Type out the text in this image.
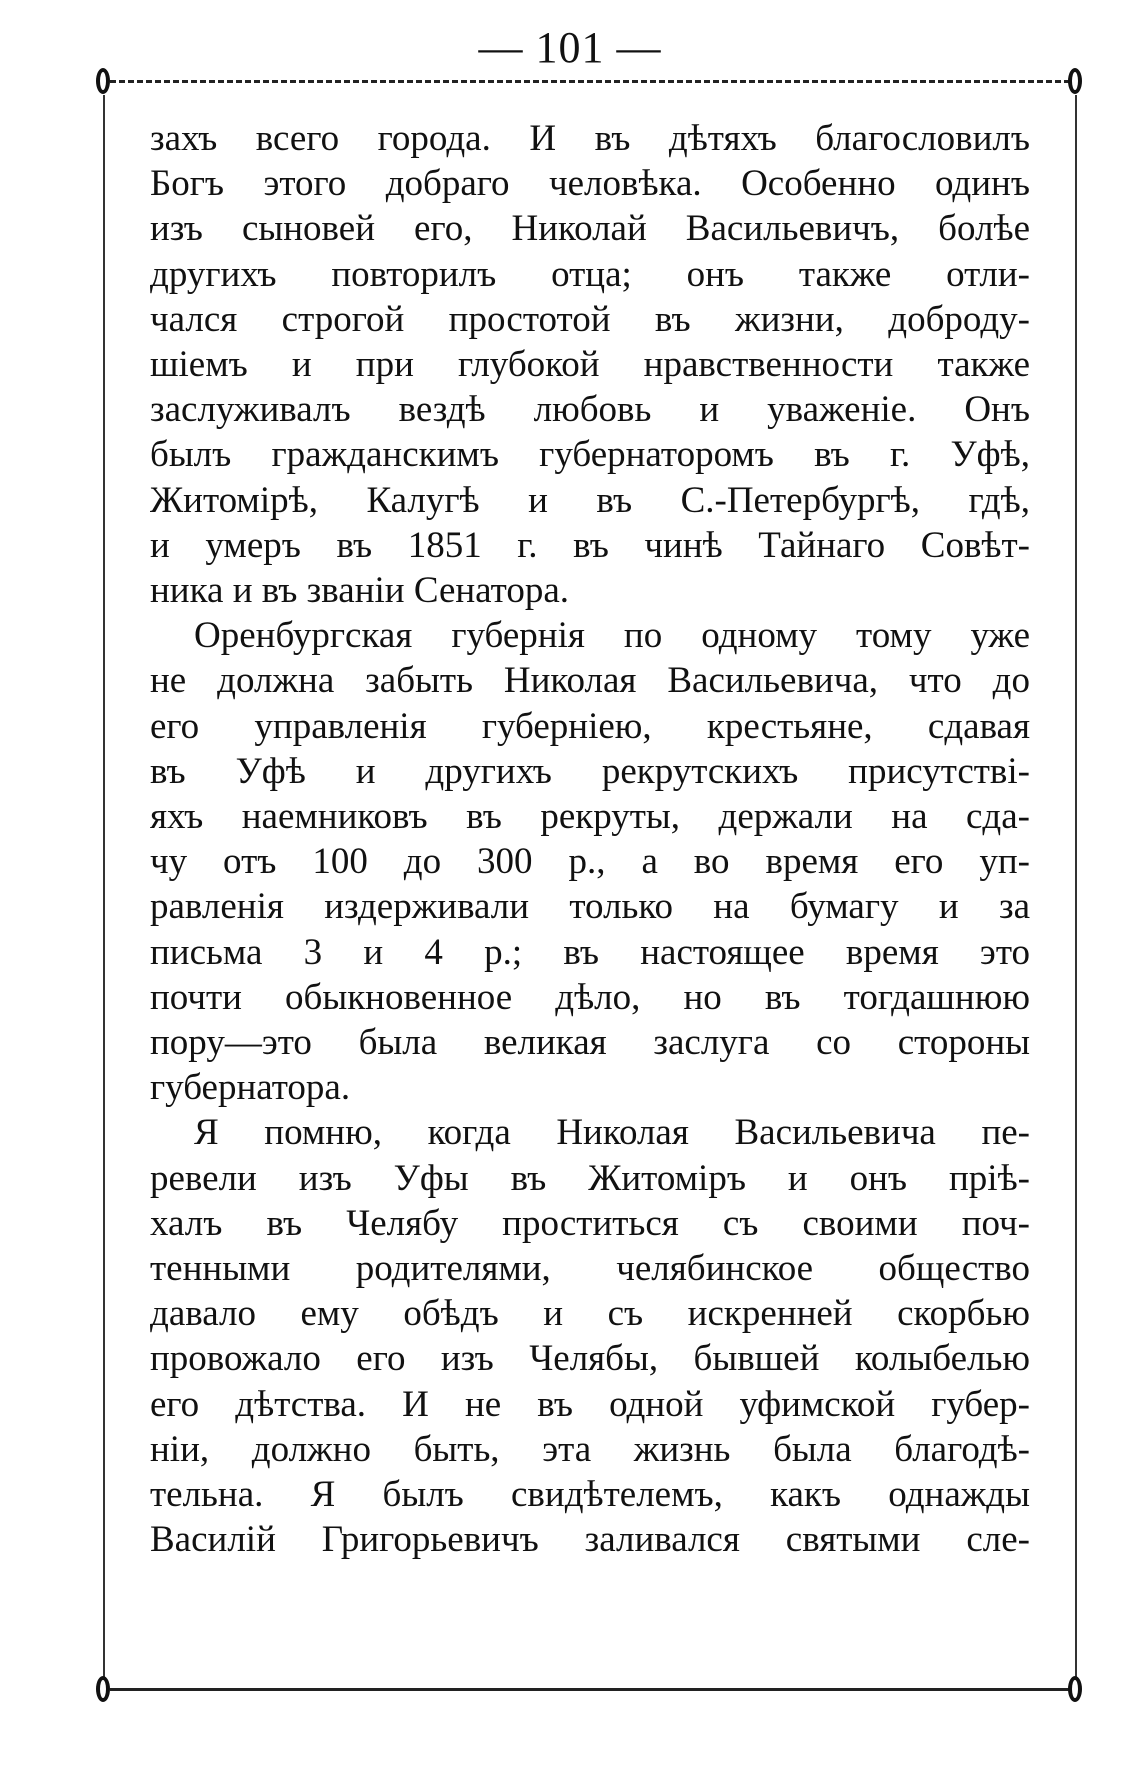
— 101 —

захъ всего города. И въ дѣтяхъ благословилъ
Богъ этого добраго человѣка. Особенно одинъ
изъ сыновей его, Николай Васильевичъ, болѣе
другихъ повторилъ отца; онъ также отли-
чался строгой простотой въ жизни, доброду-
шіемъ и при глубокой нравственности также
заслуживалъ вездѣ любовь и уваженіе. Онъ
былъ гражданскимъ губернаторомъ въ г. Уфѣ,
Житомірѣ, Калугѣ и въ С.-Петербургѣ, гдѣ,
и умеръ въ 1851 г. въ чинѣ Тайнаго Совѣт-
ника и въ званіи Сенатора.

Оренбургская губернія по одному тому уже
не должна забыть Николая Васильевича, что до
его управленія губерніею, крестьяне, сдавая
въ Уфѣ и другихъ рекрутскихъ присутстві-
яхъ наемниковъ въ рекруты, держали на сда-
чу отъ 100 до 300 р., а во время его уп-
равленія издерживали только на бумагу и за
письма 3 и 4 р.; въ настоящее время это
почти обыкновенное дѣло, но въ тогдашнюю
пору—это была великая заслуга со стороны
губернатора.

Я помню, когда Николая Васильевича пе-
ревели изъ Уфы въ Житоміръ и онъ пріѣ-
халъ въ Челябу проститься съ своими поч-
тенными родителями, челябинское общество
давало ему обѣдъ и съ искренней скорбью
провожало его изъ Челябы, бывшей колыбелью
его дѣтства. И не въ одной уфимской губер-
ніи, должно быть, эта жизнь была благодѣ-
тельна. Я былъ свидѣтелемъ, какъ однажды
Василій Григорьевичъ заливался святыми сле-
